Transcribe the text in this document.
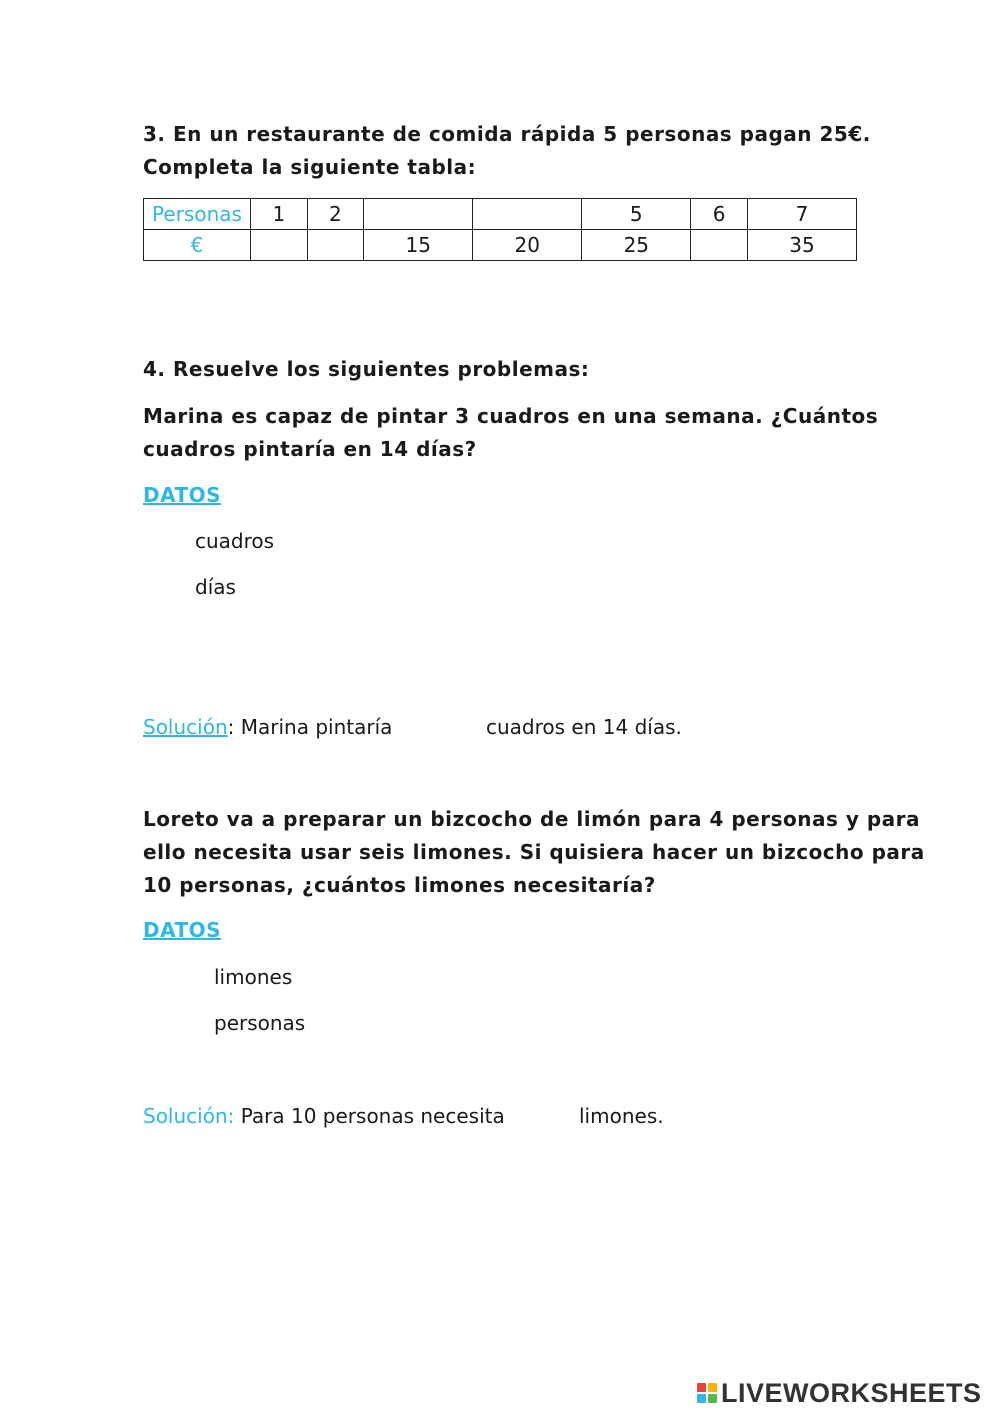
3. En un restaurante de comida rápida 5 personas pagan 25€.
Completa la siguiente tabla:
Personas	1	2			5	6	7
€			15	20	25		35
4. Resuelve los siguientes problemas:
Marina es capaz de pintar 3 cuadros en una semana. ¿Cuántos
cuadros pintaría en 14 días?
DATOS
cuadros
días
Solución: Marina pintaría	cuadros en 14 días.
Loreto va a preparar un bizcocho de limón para 4 personas y para
ello necesita usar seis limones. Si quisiera hacer un bizcocho para
10 personas, ¿cuántos limones necesitaría?
DATOS
limones
personas
Solución: Para 10 personas necesita	limones.
LIVEWORKSHEETS
